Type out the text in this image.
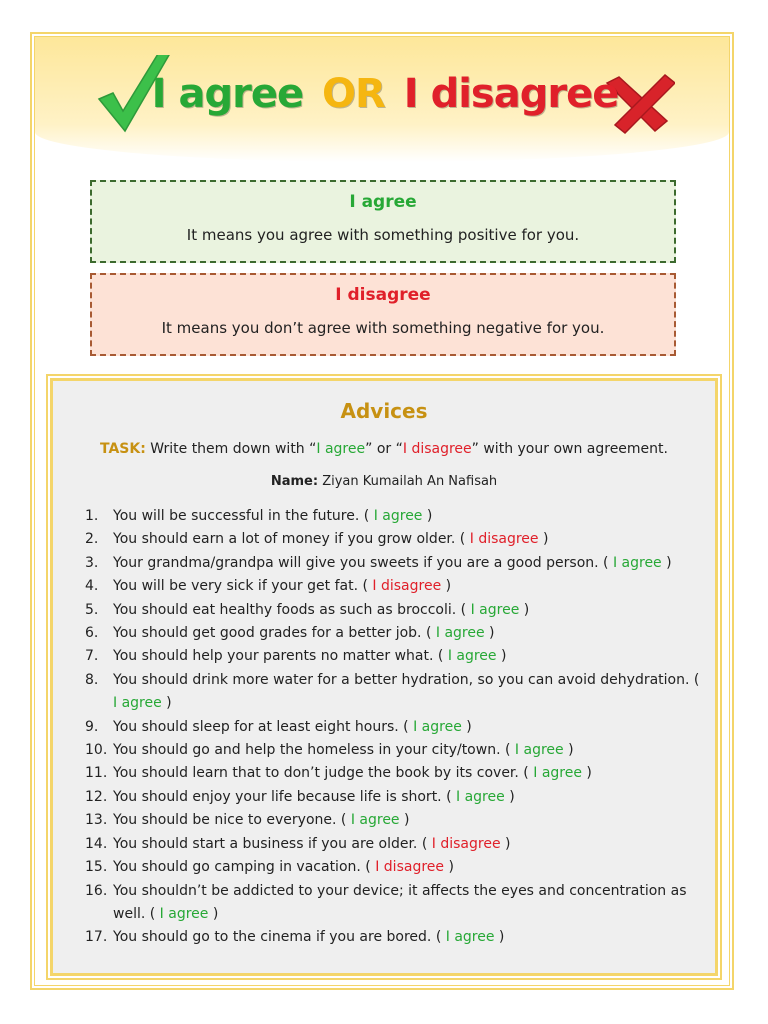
I agree OR I disagree
I agree
It means you agree with something positive for you.
I disagree
It means you don’t agree with something negative for you.
Advices
TASK: Write them down with “I agree” or “I disagree” with your own agreement.
Name: Ziyan Kumailah An Nafisah
1. You will be successful in the future. ( I agree )
2. You should earn a lot of money if you grow older. ( I disagree )
3. Your grandma/grandpa will give you sweets if you are a good person. ( I agree )
4. You will be very sick if your get fat. ( I disagree )
5. You should eat healthy foods as such as broccoli. ( I agree )
6. You should get good grades for a better job. ( I agree )
7. You should help your parents no matter what. ( I agree )
8. You should drink more water for a better hydration, so you can avoid dehydration. ( I agree )
9. You should sleep for at least eight hours. ( I agree )
10. You should go and help the homeless in your city/town. ( I agree )
11. You should learn that to don’t judge the book by its cover. ( I agree )
12. You should enjoy your life because life is short. ( I agree )
13. You should be nice to everyone. ( I agree )
14. You should start a business if you are older. ( I disagree )
15. You should go camping in vacation. ( I disagree )
16. You shouldn’t be addicted to your device; it affects the eyes and concentration as well. ( I agree )
17. You should go to the cinema if you are bored. ( I agree )
